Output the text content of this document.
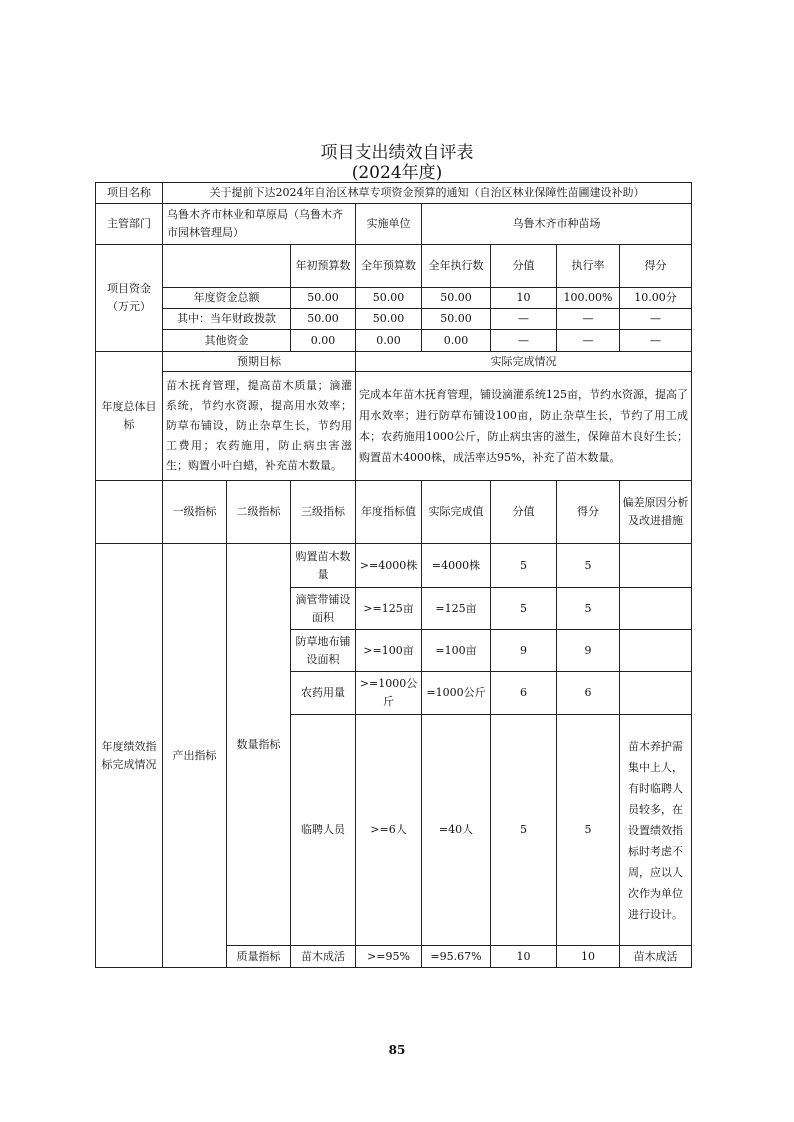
项目支出绩效自评表
(2024年度)
项目名称	关于提前下达2024年自治区林草专项资金预算的通知（自治区林业保障性苗圃建设补助）							
主管部门	乌鲁木齐市林业和草原局（乌鲁木齐市园林管理局）			实施单位	乌鲁木齐市种苗场			
项目资金（万元）			年初预算数	全年预算数	全年执行数	分值	执行率	得分
	年度资金总额		50.00	50.00	50.00	10	100.00%	10.00分
	其中：当年财政拨款		50.00	50.00	50.00	—	—	—
	其他资金		0.00	0.00	0.00	—	—	—
年度总体目标	预期目标			实际完成情况				
	苗木抚育管理，提高苗木质量；滴灌系统，节约水资源，提高用水效率；防草布铺设，防止杂草生长，节约用工费用；农药施用，防止病虫害滋生；购置小叶白蜡，补充苗木数量。			完成本年苗木抚育管理，铺设滴灌系统125亩，节约水资源，提高了用水效率；进行防草布铺设100亩，防止杂草生长，节约了用工成本；农药施用1000公斤，防止病虫害的滋生，保障苗木良好生长；购置苗木4000株，成活率达95%，补充了苗木数量。				
	一级指标	二级指标	三级指标	年度指标值	实际完成值	分值	得分	偏差原因分析及改进措施
年度绩效指标完成情况	产出指标	数量指标	购置苗木数量	>=4000株	=4000株	5	5	
			滴管带铺设面积	>=125亩	=125亩	5	5	
			防草地布铺设面积	>=100亩	=100亩	9	9	
			农药用量	>=1000公斤	=1000公斤	6	6	
			临聘人员	>=6人	=40人	5	5	苗木养护需集中上人，有时临聘人员较多，在设置绩效指标时考虑不周，应以人次作为单位进行设计。
		质量指标	苗木成活	>=95%	=95.67%	10	10	苗木成活
85
